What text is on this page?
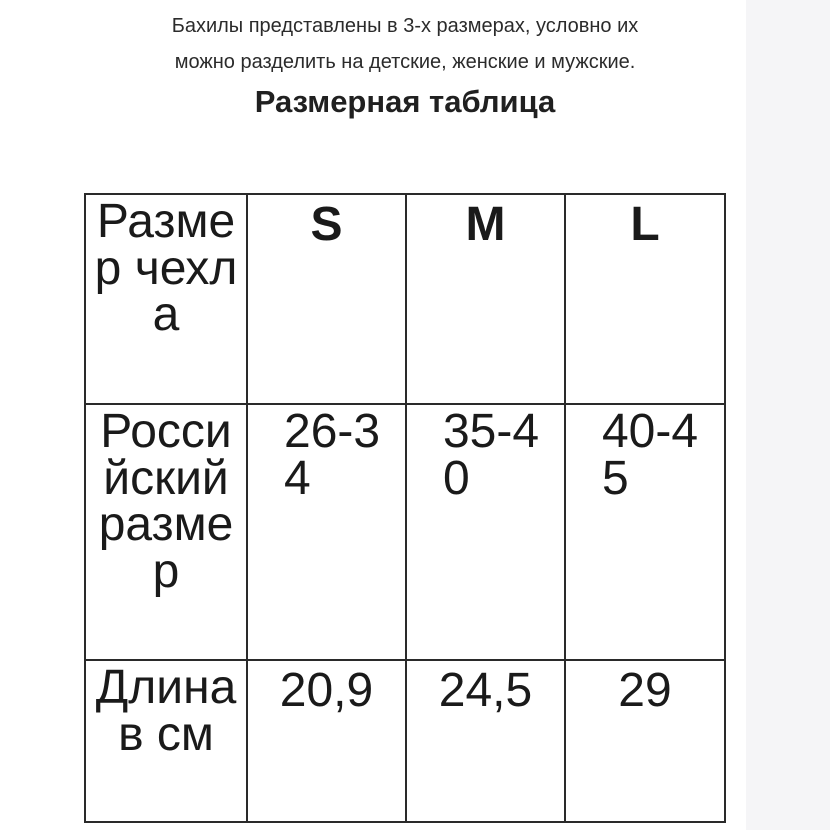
Бахилы представлены в 3-х размерах, условно их
можно разделить на детские, женские и мужские.
Размерная таблица
Размер чехла	S	M	L

Российский размер	26-34	35-40	40-45

Длина в см	20,9	24,5	29
